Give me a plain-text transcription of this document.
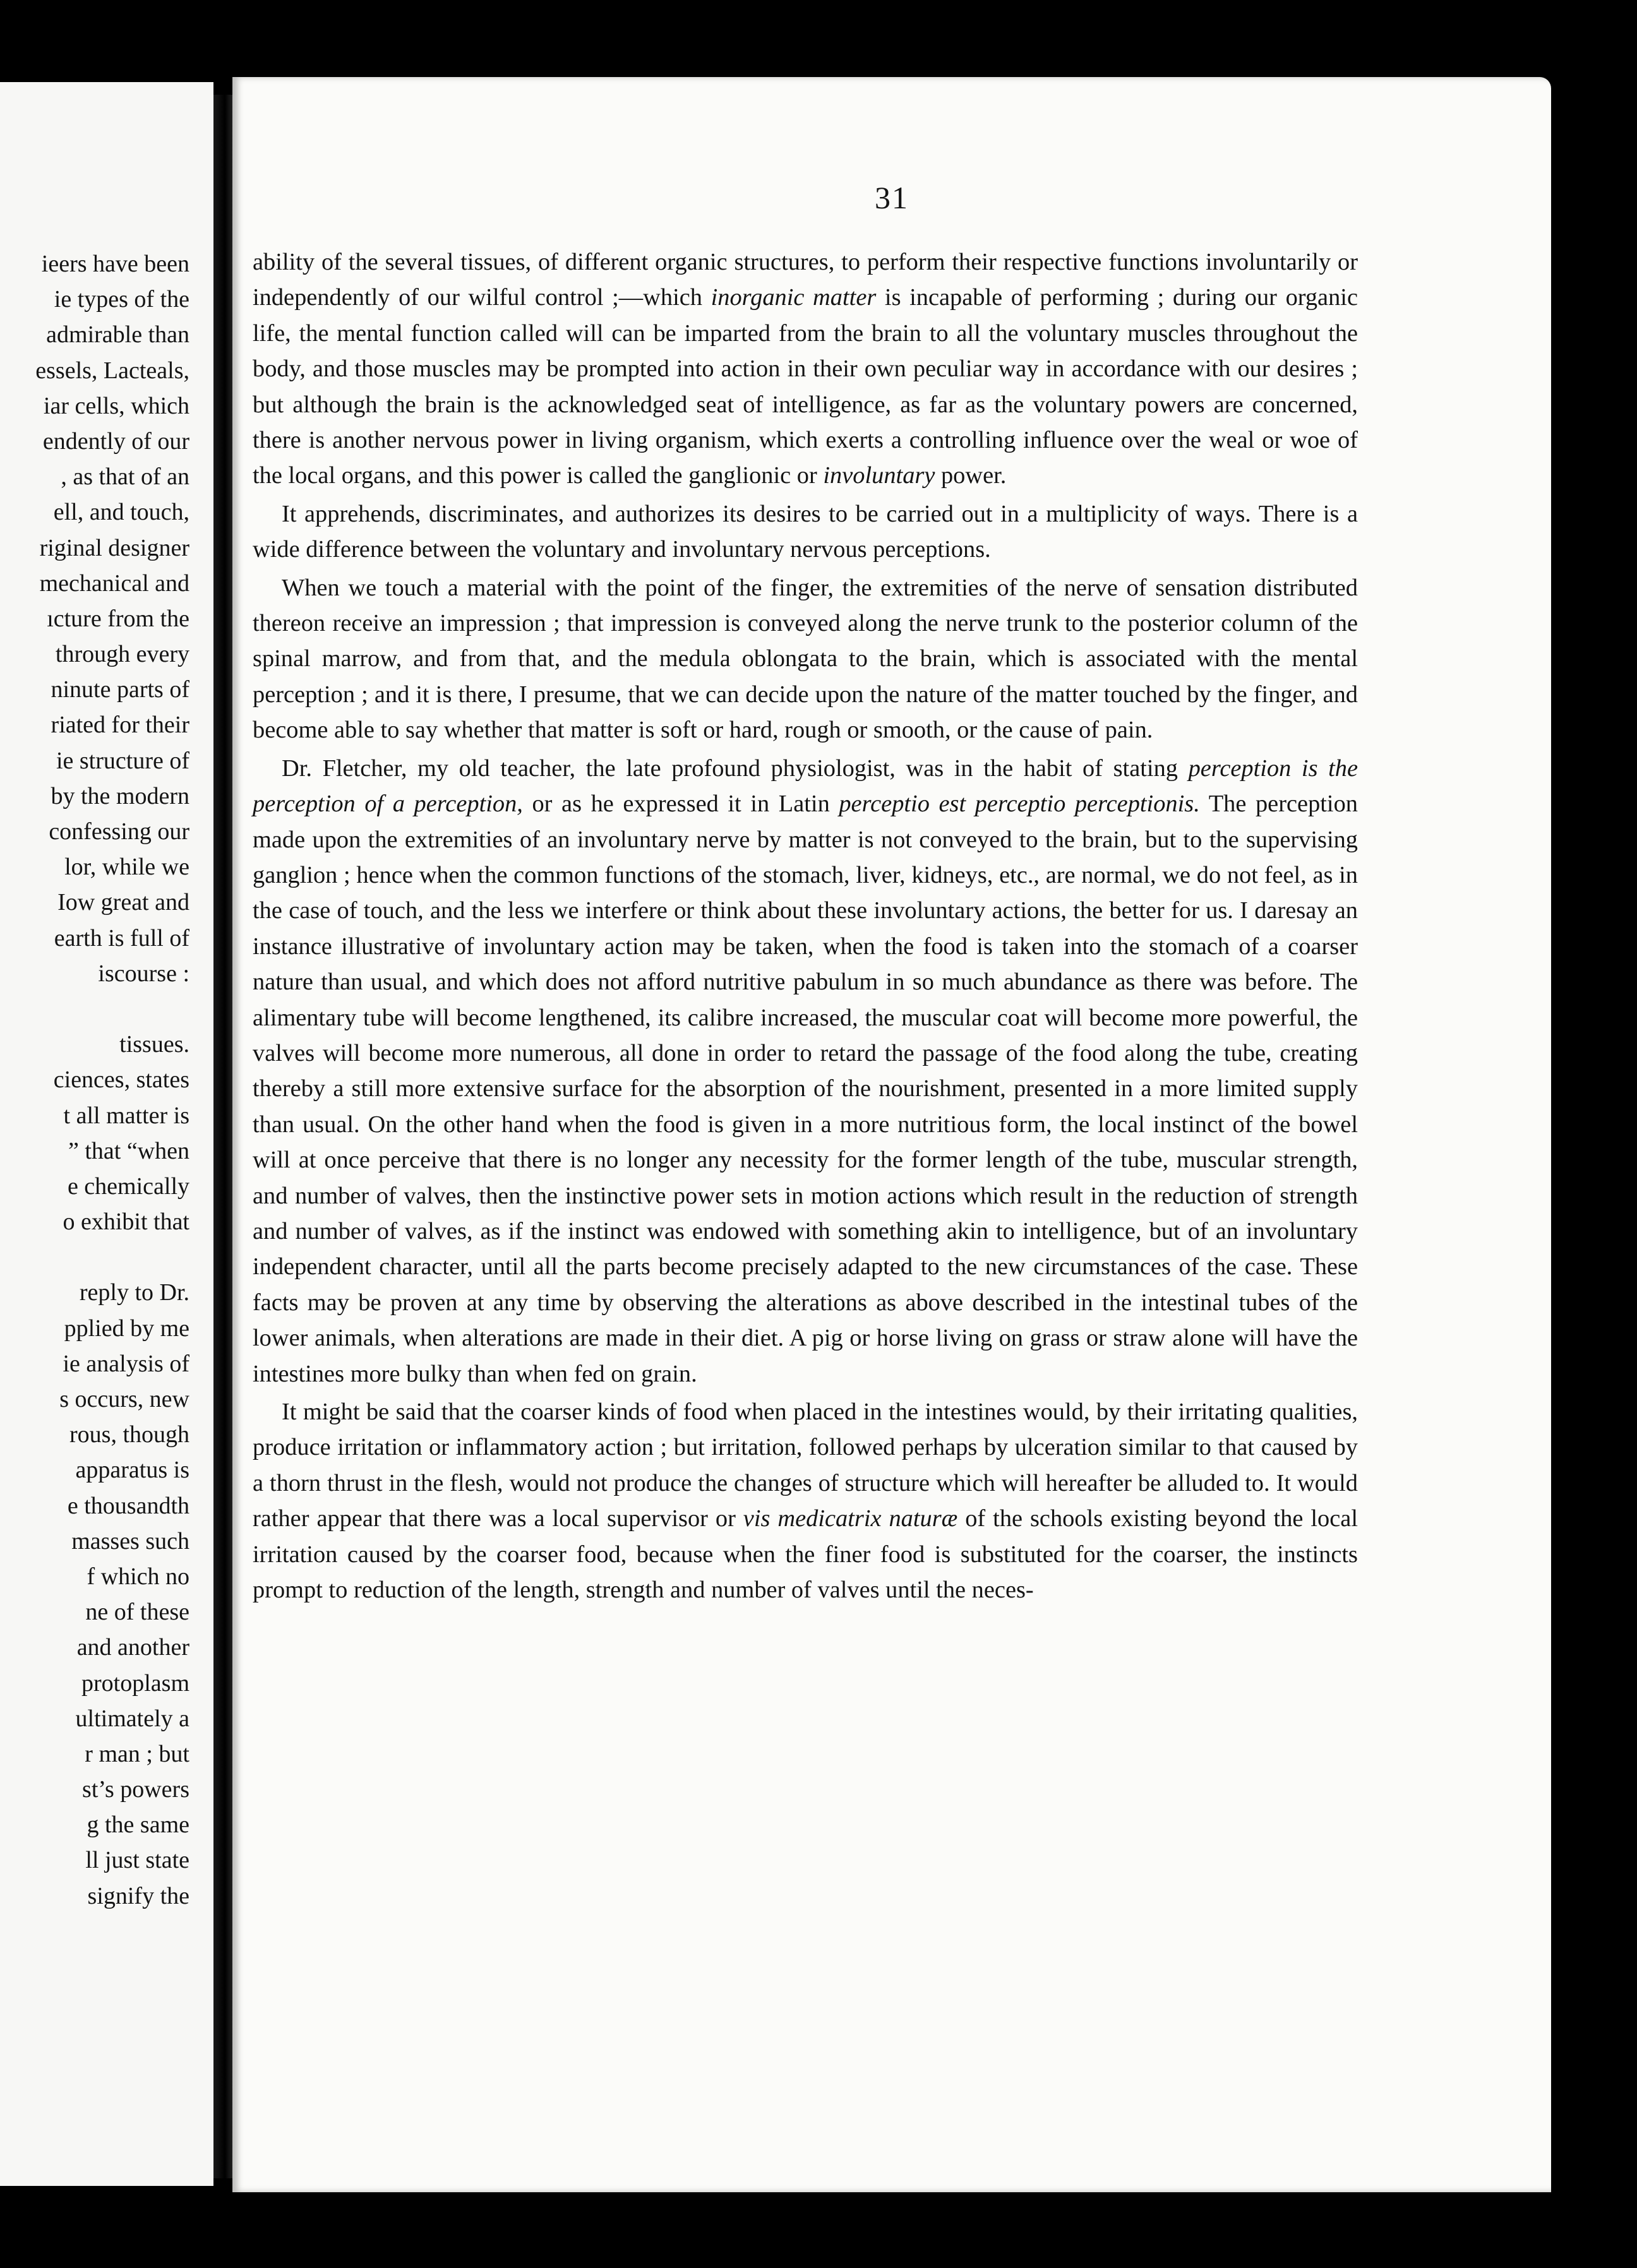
ieers have been
ie types of the
admirable than
essels, Lacteals,
iar cells, which
endently of our
, as that of an
ell, and touch,
riginal designer
mechanical and
ıcture from the
through every
ninute parts of
riated for their
ie structure of
by the modern
confessing our
lor, while we
Iow great and
earth is full of
iscourse :
tissues.
ciences, states
t all matter is
” that “when
e chemically
o exhibit that
reply to Dr.
pplied by me
ie analysis of
s occurs, new
rous, though
apparatus is
e thousandth
masses such
f which no
ne of these
and another
protoplasm
ultimately a
r man ; but
st’s powers
g the same
ll just state
signify the
31

ability of the several tissues, of different organic structures, to perform their respective functions involuntarily or independently of our wilful control ;—which inorganic matter is incapable of performing ; during our organic life, the mental function called will can be imparted from the brain to all the voluntary muscles throughout the body, and those muscles may be prompted into action in their own peculiar way in accordance with our desires ; but although the brain is the acknowledged seat of intelligence, as far as the voluntary powers are concerned, there is another nervous power in living organism, which exerts a controlling influence over the weal or woe of the local organs, and this power is called the ganglionic or involuntary power.

It apprehends, discriminates, and authorizes its desires to be carried out in a multiplicity of ways. There is a wide difference between the voluntary and involuntary nervous perceptions.

When we touch a material with the point of the finger, the extremities of the nerve of sensation distributed thereon receive an impression ; that impression is conveyed along the nerve trunk to the posterior column of the spinal marrow, and from that, and the medula oblongata to the brain, which is associated with the mental perception ; and it is there, I presume, that we can decide upon the nature of the matter touched by the finger, and become able to say whether that matter is soft or hard, rough or smooth, or the cause of pain.

Dr. Fletcher, my old teacher, the late profound physiologist, was in the habit of stating perception is the perception of a perception, or as he expressed it in Latin perceptio est perceptio perceptionis. The perception made upon the extremities of an involuntary nerve by matter is not conveyed to the brain, but to the supervising ganglion ; hence when the common functions of the stomach, liver, kidneys, etc., are normal, we do not feel, as in the case of touch, and the less we interfere or think about these involuntary actions, the better for us. I daresay an instance illustrative of involuntary action may be taken, when the food is taken into the stomach of a coarser nature than usual, and which does not afford nutritive pabulum in so much abundance as there was before. The alimentary tube will become lengthened, its calibre increased, the muscular coat will become more powerful, the valves will become more numerous, all done in order to retard the passage of the food along the tube, creating thereby a still more extensive surface for the absorption of the nourishment, presented in a more limited supply than usual. On the other hand when the food is given in a more nutritious form, the local instinct of the bowel will at once perceive that there is no longer any necessity for the former length of the tube, muscular strength, and number of valves, then the instinctive power sets in motion actions which result in the reduction of strength and number of valves, as if the instinct was endowed with something akin to intelligence, but of an involuntary independent character, until all the parts become precisely adapted to the new circumstances of the case. These facts may be proven at any time by observing the alterations as above described in the intestinal tubes of the lower animals, when alterations are made in their diet. A pig or horse living on grass or straw alone will have the intestines more bulky than when fed on grain.

It might be said that the coarser kinds of food when placed in the intestines would, by their irritating qualities, produce irritation or inflammatory action ; but irritation, followed perhaps by ulceration similar to that caused by a thorn thrust in the flesh, would not produce the changes of structure which will hereafter be alluded to. It would rather appear that there was a local supervisor or vis medicatrix naturæ of the schools existing beyond the local irritation caused by the coarser food, because when the finer food is substituted for the coarser, the instincts prompt to reduction of the length, strength and number of valves until the neces-
